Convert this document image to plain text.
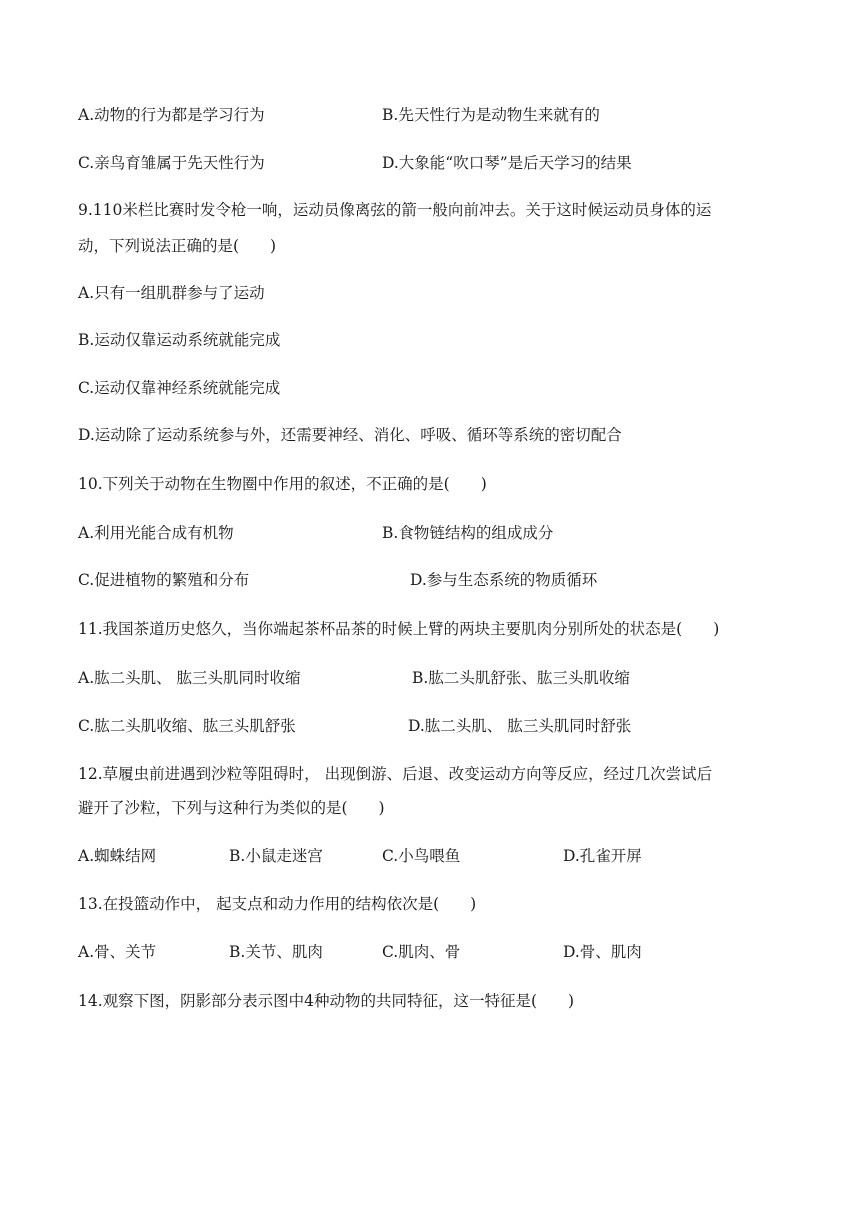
A.动物的行为都是学习行为	B.先天性行为是动物生来就有的
C.亲鸟育雏属于先天性行为	D.大象能“吹口琴”是后天学习的结果
9.110米栏比赛时发令枪一响，运动员像离弦的箭一般向前冲去。关于这时候运动员身体的运
动，下列说法正确的是(　　)
A.只有一组肌群参与了运动
B.运动仅靠运动系统就能完成
C.运动仅靠神经系统就能完成
D.运动除了运动系统参与外，还需要神经、消化、呼吸、循环等系统的密切配合
10.下列关于动物在生物圈中作用的叙述，不正确的是(　　)
A.利用光能合成有机物	B.食物链结构的组成成分
C.促进植物的繁殖和分布	D.参与生态系统的物质循环
11.我国茶道历史悠久，当你端起茶杯品茶的时候上臂的两块主要肌肉分别所处的状态是(　　)
A.肱二头肌、 肱三头肌同时收缩	B.肱二头肌舒张、肱三头肌收缩
C.肱二头肌收缩、肱三头肌舒张	D.肱二头肌、 肱三头肌同时舒张
12.草履虫前进遇到沙粒等阻碍时， 出现倒游、后退、改变运动方向等反应，经过几次尝试后
避开了沙粒，下列与这种行为类似的是(　　)
A.蜘蛛结网	B.小鼠走迷宫	C.小鸟喂鱼	D.孔雀开屏
13.在投篮动作中， 起支点和动力作用的结构依次是(　　)
A.骨、关节	B.关节、肌肉	C.肌肉、骨	D.骨、肌肉
14.观察下图，阴影部分表示图中4种动物的共同特征，这一特征是(　　)
